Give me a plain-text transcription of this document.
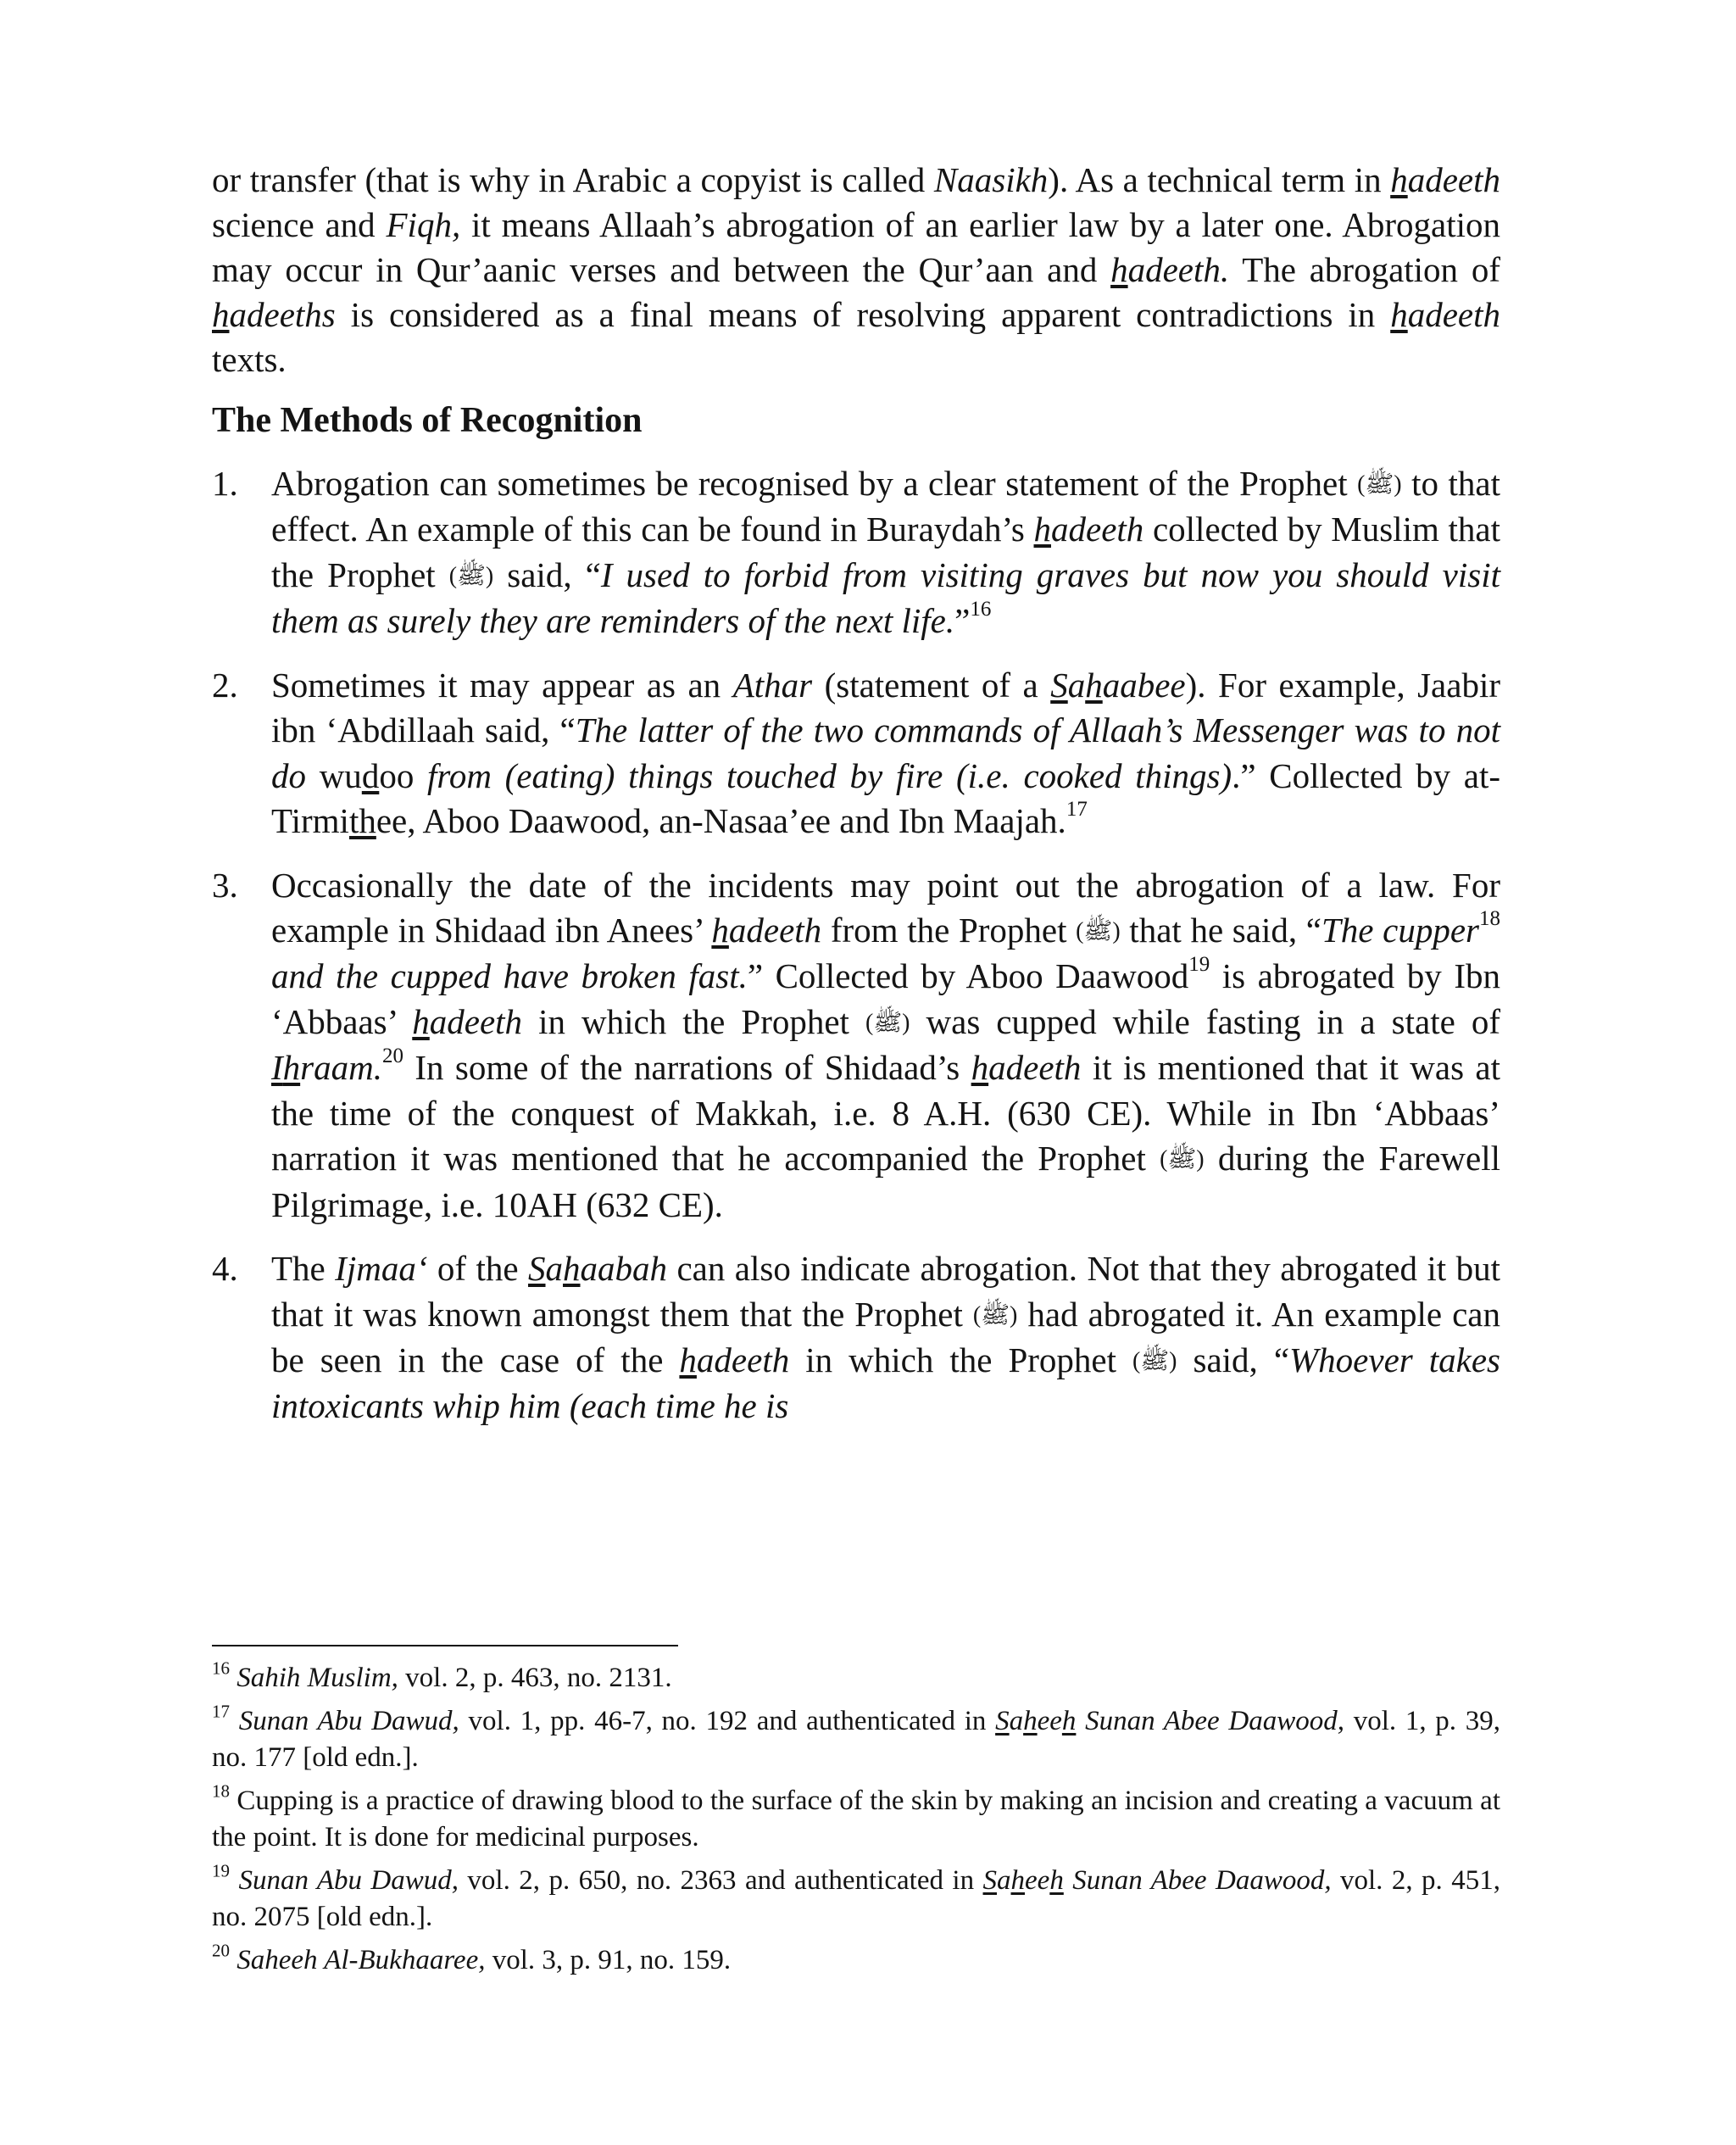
or transfer (that is why in Arabic a copyist is called Naasikh). As a technical term in hadeeth science and Fiqh, it means Allaah’s abrogation of an earlier law by a later one. Abrogation may occur in Qur’aanic verses and between the Qur’aan and hadeeth. The abrogation of hadeeths is considered as a final means of resolving apparent contradictions in hadeeth texts.

The Methods of Recognition
1. Abrogation can sometimes be recognised by a clear statement of the Prophet (ﷺ) to that effect. An example of this can be found in Buraydah’s hadeeth collected by Muslim that the Prophet (ﷺ) said, “I used to forbid from visiting graves but now you should visit them as surely they are reminders of the next life.”$^{16}$
2. Sometimes it may appear as an Athar (statement of a Sahaabee). For example, Jaabir ibn ‘Abdillaah said, “The latter of the two commands of Allaah’s Messenger was to not do wudoo from (eating) things touched by fire (i.e. cooked things).” Collected by at-Tirmithee, Aboo Daawood, an-Nasaa’ee and Ibn Maajah.$^{17}$
3. Occasionally the date of the incidents may point out the abrogation of a law. For example in Shidaad ibn Anees’ hadeeth from the Prophet (ﷺ) that he said, “The cupper$^{18}$ and the cupped have broken fast.” Collected by Aboo Daawood$^{19}$ is abrogated by Ibn ‘Abbaas’ hadeeth in which the Prophet (ﷺ) was cupped while fasting in a state of Ihraam.$^{20}$ In some of the narrations of Shidaad’s hadeeth it is mentioned that it was at the time of the conquest of Makkah, i.e. 8 A.H. (630 CE). While in Ibn ‘Abbaas’ narration it was mentioned that he accompanied the Prophet (ﷺ) during the Farewell Pilgrimage, i.e. 10AH (632 CE).
4. The Ijmaa‘ of the Sahaabah can also indicate abrogation. Not that they abrogated it but that it was known amongst them that the Prophet (ﷺ) had abrogated it. An example can be seen in the case of the hadeeth in which the Prophet (ﷺ) said, “Whoever takes intoxicants whip him (each time he is

$^{16}$ Sahih Muslim, vol. 2, p. 463, no. 2131.

$^{17}$ Sunan Abu Dawud, vol. 1, pp. 46-7, no. 192 and authenticated in Saheeh Sunan Abee Daawood, vol. 1, p. 39, no. 177 [old edn.].

$^{18}$ Cupping is a practice of drawing blood to the surface of the skin by making an incision and creating a vacuum at the point. It is done for medicinal purposes.

$^{19}$ Sunan Abu Dawud, vol. 2, p. 650, no. 2363 and authenticated in Saheeh Sunan Abee Daawood, vol. 2, p. 451, no. 2075 [old edn.].

$^{20}$ Saheeh Al-Bukhaaree, vol. 3, p. 91, no. 159.
